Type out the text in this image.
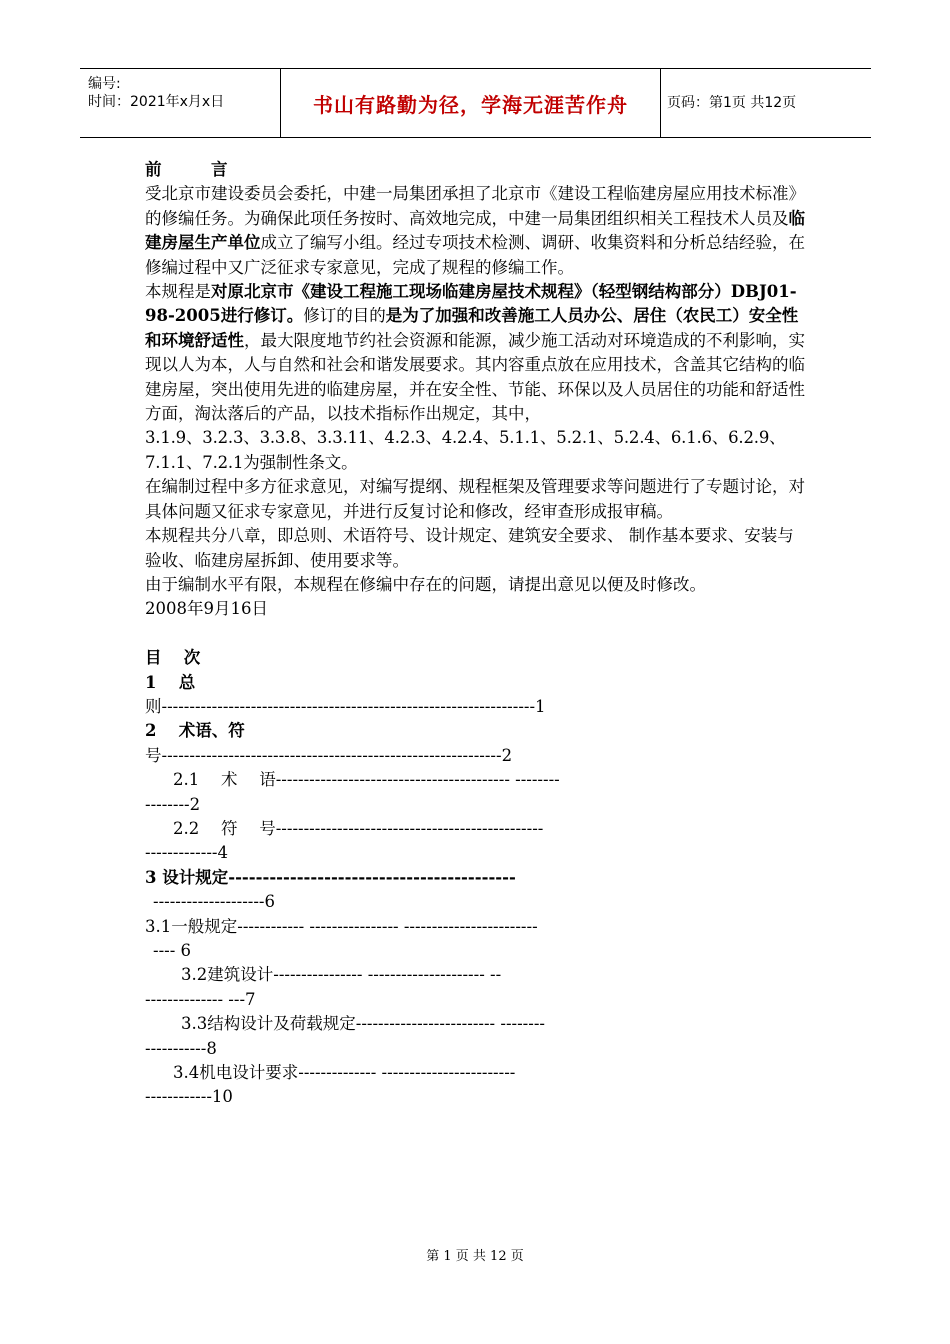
编号:
时间：2021年x月x日	书山有路勤为径，学海无涯苦作舟	页码：第1页 共12页

前　　　言

受北京市建设委员会委托，中建一局集团承担了北京市《建设工程临建房屋应用技术标准》的修编任务。为确保此项任务按时、高效地完成，中建一局集团组织相关工程技术人员及临建房屋生产单位成立了编写小组。经过专项技术检测、调研、收集资料和分析总结经验，在修编过程中又广泛征求专家意见，完成了规程的修编工作。

本规程是对原北京市《建设工程施工现场临建房屋技术规程》（轻型钢结构部分）DBJ01-98-2005进行修订。修订的目的是为了加强和改善施工人员办公、居住（农民工）安全性和环境舒适性，最大限度地节约社会资源和能源，减少施工活动对环境造成的不利影响，实现以人为本，人与自然和社会和谐发展要求。其内容重点放在应用技术，含盖其它结构的临建房屋，突出使用先进的临建房屋，并在安全性、节能、环保以及人员居住的功能和舒适性方面，淘汰落后的产品，以技术指标作出规定，其中，

3.1.9、3.2.3、3.3.8、3.3.11、4.2.3、4.2.4、5.1.1、5.2.1、5.2.4、6.1.6、6.2.9、7.1.1、7.2.1为强制性条文。

在编制过程中多方征求意见，对编写提纲、规程框架及管理要求等问题进行了专题讨论，对具体问题又征求专家意见，并进行反复讨论和修改，经审查形成报审稿。

本规程共分八章，即总则、术语符号、设计规定、建筑安全要求、 制作基本要求、安装与验收、临建房屋拆卸、使用要求等。

由于编制水平有限，本规程在修编中存在的问题，请提出意见以便及时修改。

2008年9月16日

目　 次

1　 总

则-------------------------------------------------------------------1

2　 术语、符

号-------------------------------------------------------------2

2.1　 术　 语------------------------------------------ --------

--------2

2.2　 符　 号------------------------------------------------

-------------4

3 设计规定------------------------------------------

--------------------6

3.1一般规定------------ ---------------- ------------------------

---- 6

3.2建筑设计---------------- --------------------- --

-------------- ---7

3.3结构设计及荷载规定------------------------- --------

-----------8

3.4机电设计要求-------------- ------------------------

------------10

第 1 页 共 12 页
